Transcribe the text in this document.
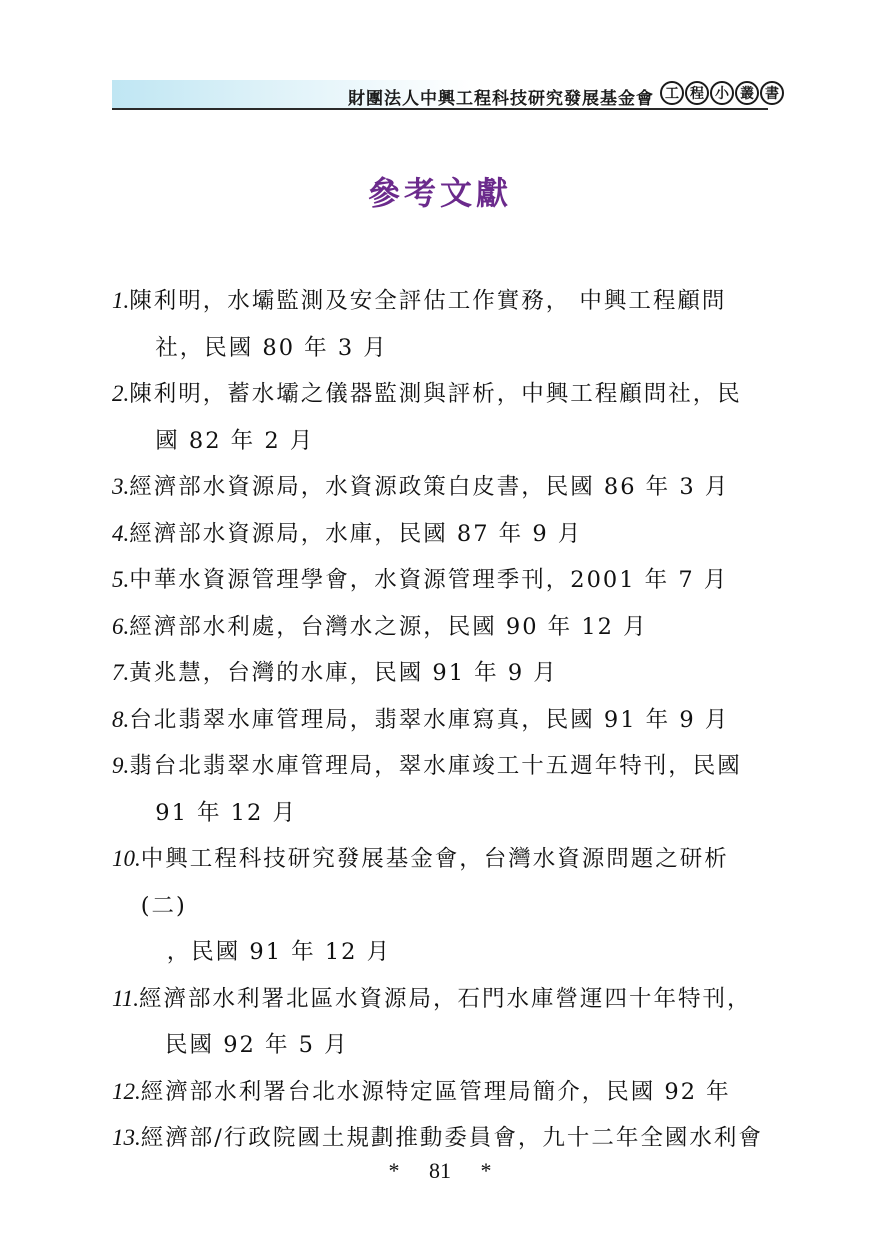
財團法人中興工程科技研究發展基金會 工 程 小 叢 書
參考文獻
1. 陳利明，水壩監測及安全評估工作實務， 中興工程顧問
社，民國 80 年 3 月
2. 陳利明，蓄水壩之儀器監測與評析，中興工程顧問社，民
國 82 年 2 月
3. 經濟部水資源局，水資源政策白皮書，民國 86 年 3 月
4. 經濟部水資源局，水庫，民國 87 年 9 月
5. 中華水資源管理學會，水資源管理季刊，2001 年 7 月
6. 經濟部水利處，台灣水之源，民國 90 年 12 月
7. 黃兆慧，台灣的水庫，民國 91 年 9 月
8. 台北翡翠水庫管理局，翡翠水庫寫真，民國 91 年 9 月
9. 翡台北翡翠水庫管理局，翠水庫竣工十五週年特刊，民國
91 年 12 月
10. 中興工程科技研究發展基金會，台灣水資源問題之研析(二)
，民國 91 年 12 月
11. 經濟部水利署北區水資源局，石門水庫營運四十年特刊，
民國 92 年 5 月
12. 經濟部水利署台北水源特定區管理局簡介，民國 92 年
13. 經濟部/行政院國土規劃推動委員會，九十二年全國水利會
* 81 *
